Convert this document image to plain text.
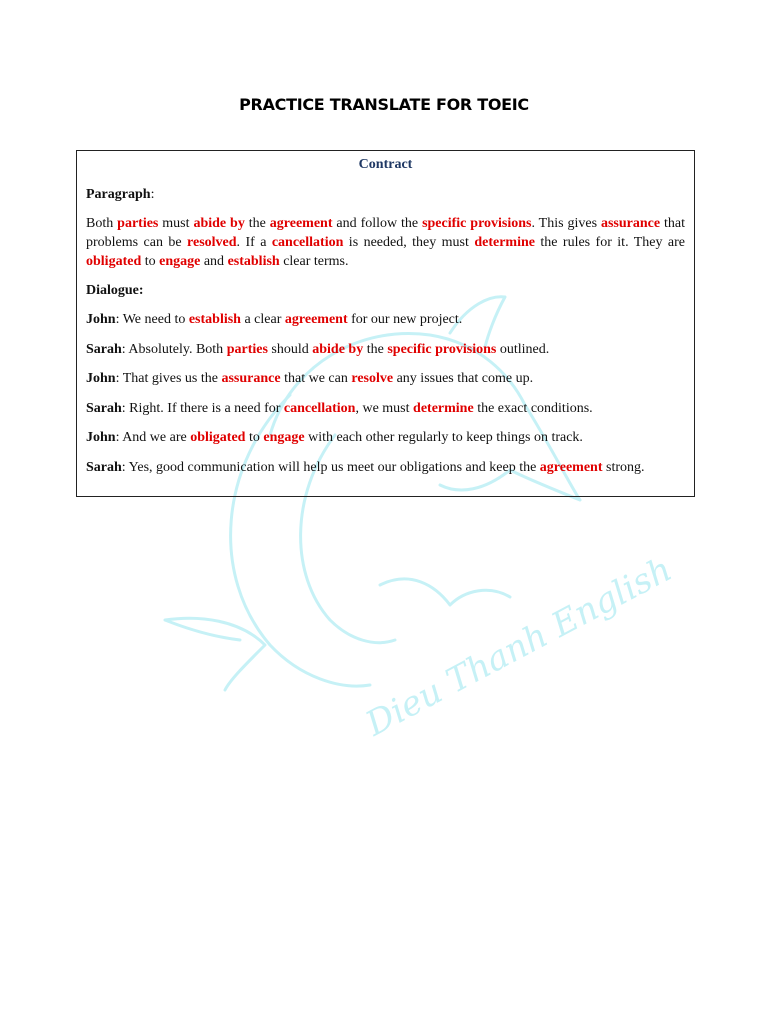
Dieu Thanh English
PRACTICE TRANSLATE FOR TOEIC
Contract

Paragraph:

Both parties must abide by the agreement and follow the specific provisions. This gives assurance that problems can be resolved. If a cancellation is needed, they must determine the rules for it. They are obligated to engage and establish clear terms.

Dialogue:

John: We need to establish a clear agreement for our new project.

Sarah: Absolutely. Both parties should abide by the specific provisions outlined.

John: That gives us the assurance that we can resolve any issues that come up.

Sarah: Right. If there is a need for cancellation, we must determine the exact conditions.

John: And we are obligated to engage with each other regularly to keep things on track.

Sarah: Yes, good communication will help us meet our obligations and keep the agreement strong.
